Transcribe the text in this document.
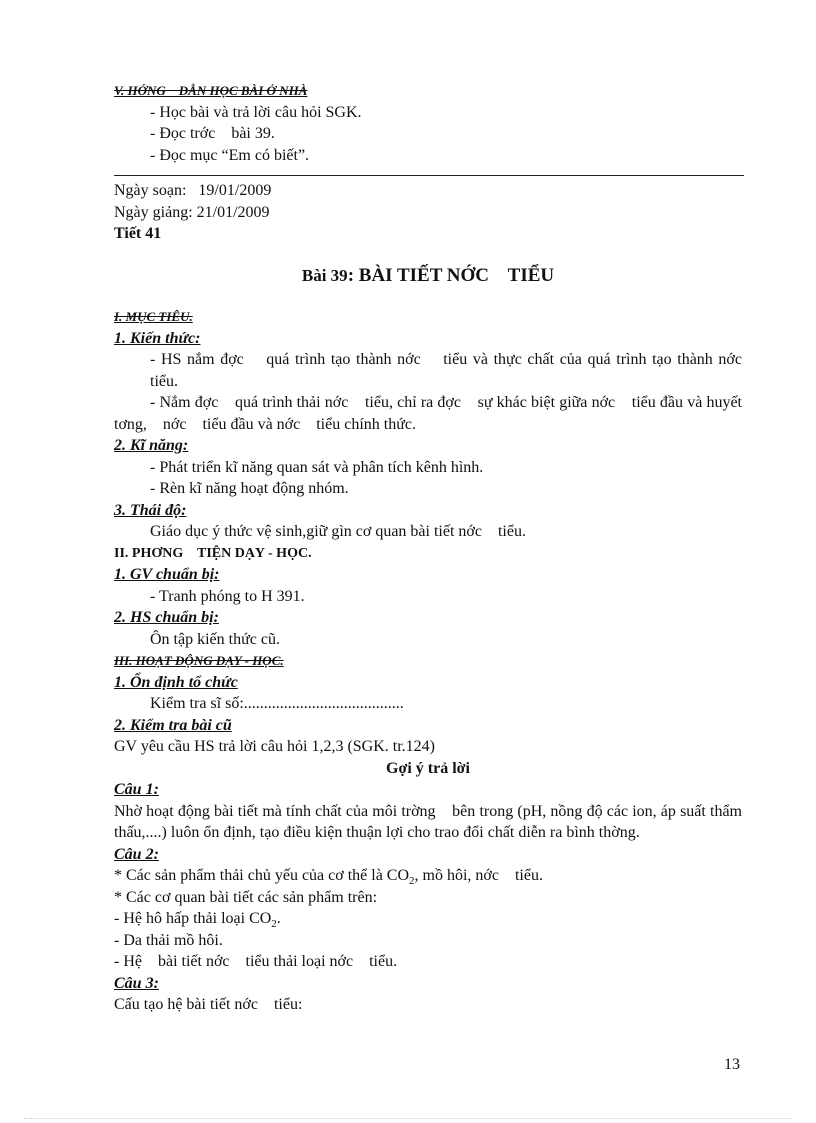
V. HỚNG    DẪN HỌC BÀI Ở NHÀ
- Học bài và trả lời câu hỏi SGK.
- Đọc trớc    bài 39.
- Đọc mục “Em có biết”.
Ngày soạn:   19/01/2009
Ngày giảng: 21/01/2009
Tiết 41
Bài 39: BÀI TIẾT NỚC    TIỂU
I. MỤC TIÊU.
1. Kiến thức:
- HS nắm đợc    quá trình tạo thành nớc    tiểu và thực chất của quá trình tạo thành nớc    tiểu.
- Nắm đợc    quá trình thải nớc    tiểu, chỉ ra đợc    sự khác biệt giữa nớc    tiểu đầu và huyết tơng,    nớc    tiểu đầu và nớc    tiểu chính thức.
2. Kĩ năng:
- Phát triển kĩ năng quan sát và phân tích kênh hình.
- Rèn kĩ năng hoạt động nhóm.
3. Thái độ:
Giáo dục ý thức vệ sinh,giữ gìn cơ quan bài tiết nớc    tiểu.
II. PHƠNG    TIỆN DẠY - HỌC.
1. GV chuẩn bị:
- Tranh phóng to H 391.
2. HS chuẩn bị:
Ôn tập kiến thức cũ.
III. HOẠT ĐỘNG DẠY - HỌC.
1. Ổn định tổ chức
Kiểm tra sĩ số:........................................
2. Kiểm tra bài cũ
GV yêu cầu HS trả lời câu hỏi 1,2,3 (SGK. tr.124)
Gợi ý trả lời
Câu 1:
Nhờ hoạt động bài tiết mà tính chất của môi trờng    bên trong (pH, nồng độ các ion, áp suất thẩm thấu,....) luôn ổn định, tạo điều kiện thuận lợi cho trao đổi chất diễn ra bình thờng.
Câu 2:
* Các sản phẩm thải chủ yếu của cơ thể là $CO_2$, mồ hôi, nớc    tiểu.
* Các cơ quan bài tiết các sản phẩm trên:
- Hệ hô hấp thải loại $CO_2$.
- Da thải mồ hôi.
- Hệ    bài tiết nớc    tiểu thải loại nớc    tiểu.
Câu 3:
Cấu tạo hệ bài tiết nớc    tiểu:
13
